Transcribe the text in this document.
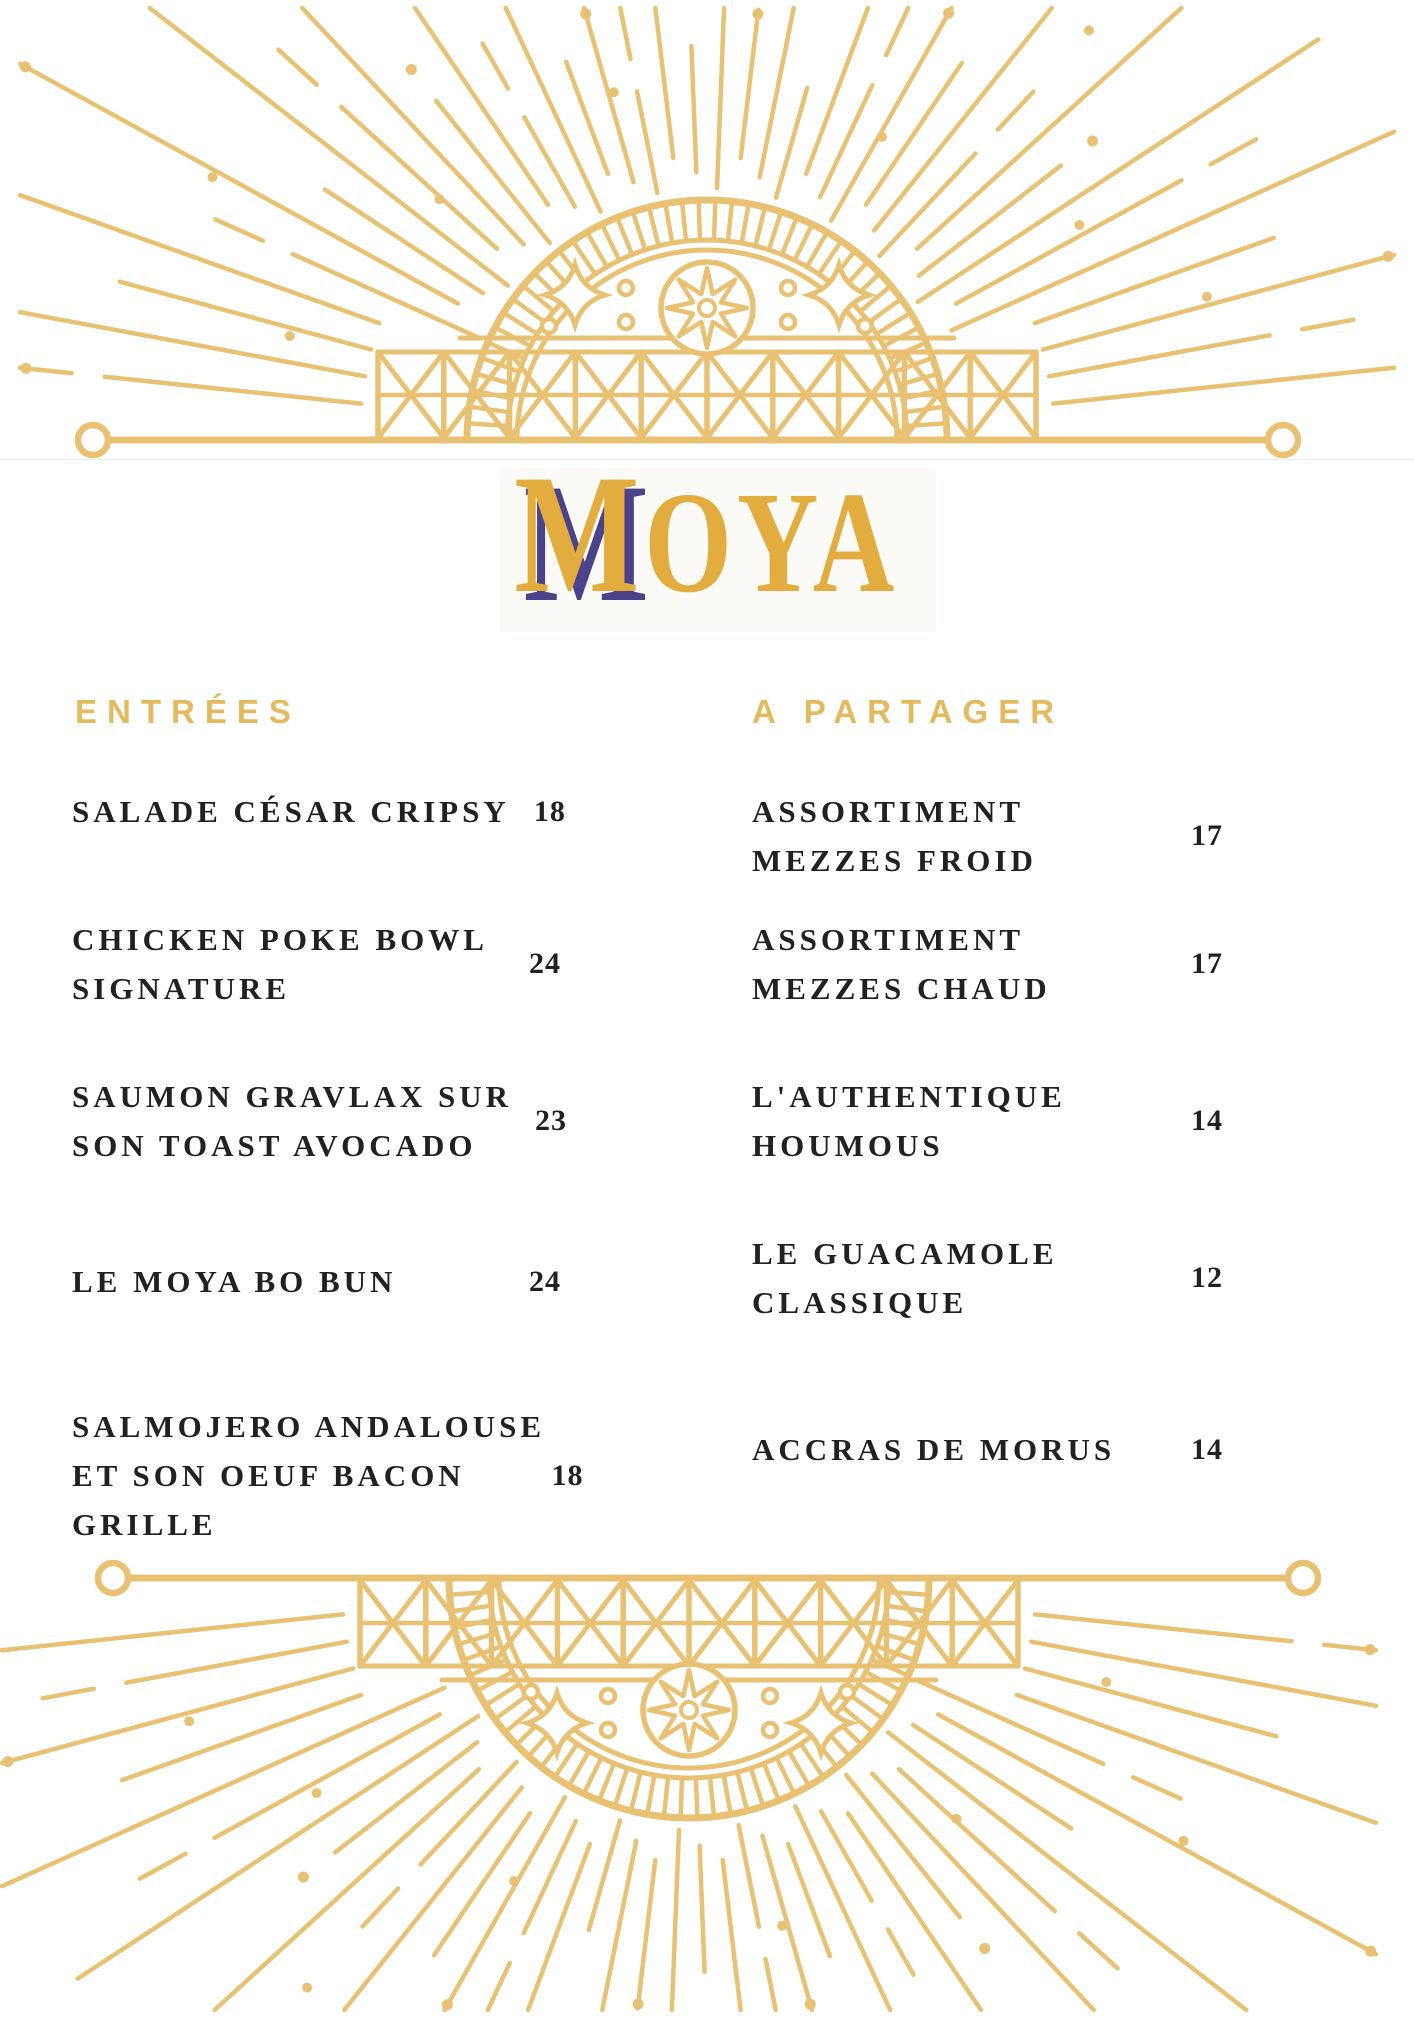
MOYA
ENTRÉES
SALADE CÉSAR CRIPSY 18
CHICKEN POKE BOWL
SIGNATURE
24
SAUMON GRAVLAX SUR
SON TOAST AVOCADO
23
LE MOYA BO BUN	24
SALMOJERO ANDALOUSE
ET SON OEUF BACON
GRILLE
18
A PARTAGER
ASSORTIMENT
MEZZES FROID
17
ASSORTIMENT
MEZZES CHAUD
17
L'AUTHENTIQUE
HOUMOUS
14
LE GUACAMOLE
CLASSIQUE
12
ACCRAS DE MORUS	14
